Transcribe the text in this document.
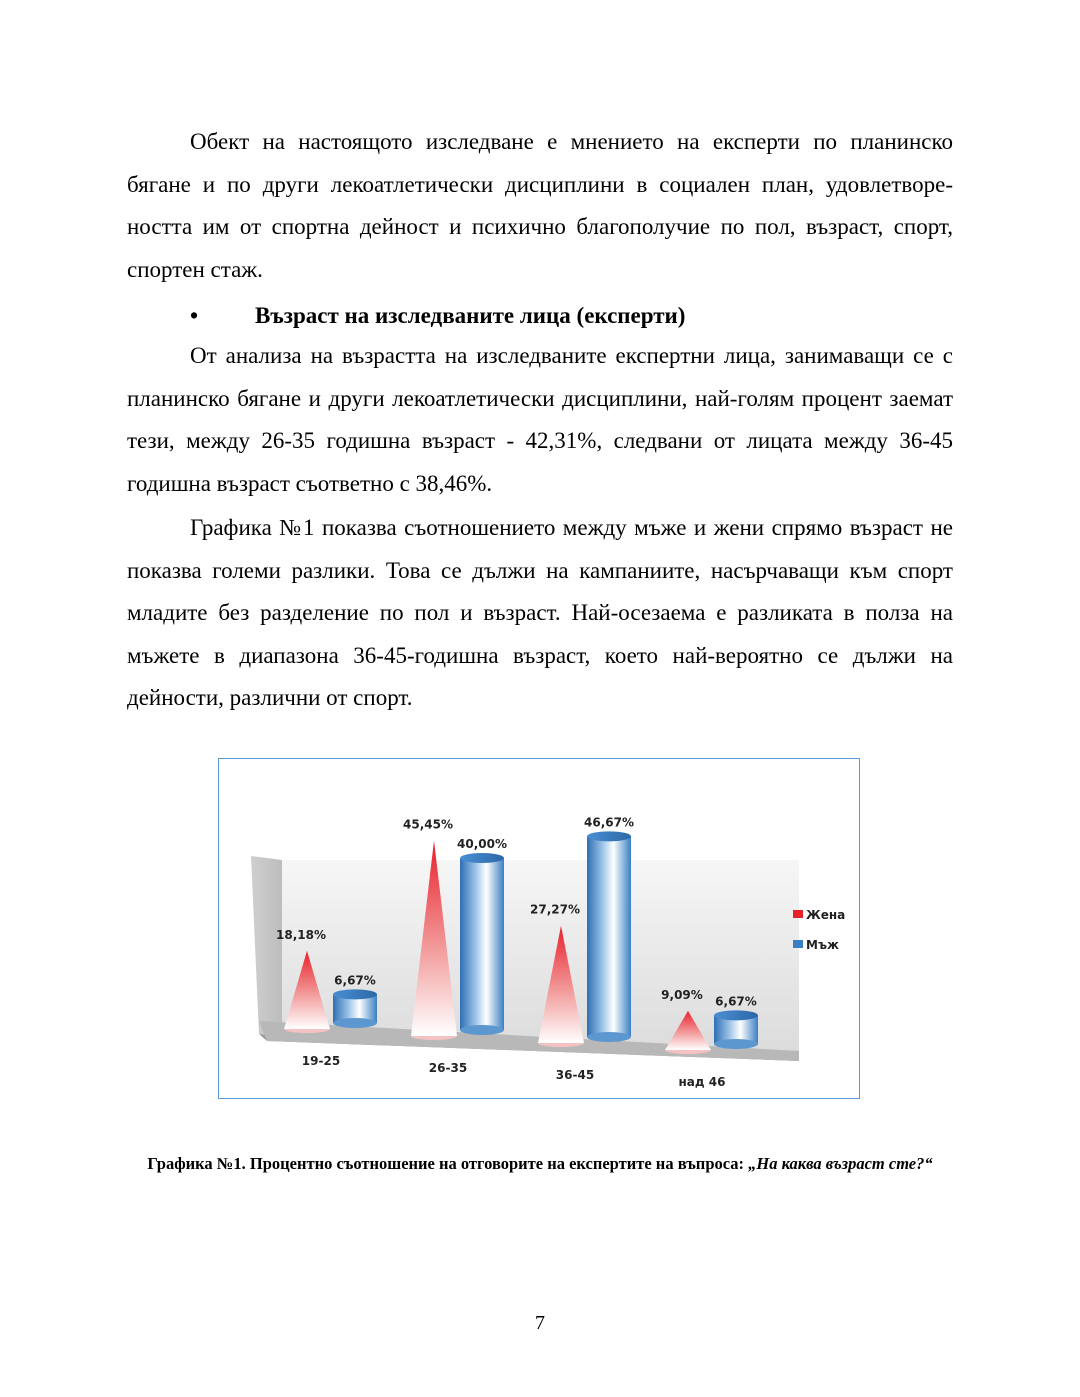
Обект на настоящото изследване е мнението на експерти по планинско бягане и по други лекоатлетически дисциплини в социален план, удовлетворе-ността им от спортна дейност и психично благополучие по пол, възраст, спорт, спортен стаж.

• Възраст на изследваните лица (експерти)

От анализа на възрастта на изследваните експертни лица, занимаващи се с планинско бягане и други лекоатлетически дисциплини, най-голям процент заемат тези, между 26-35 годишна възраст - 42,31%, следвани от лицата между 36-45 годишна възраст съответно с 38,46%.

Графика №1 показва съотношението между мъже и жени спрямо възраст не показва големи разлики. Това се дължи на кампаниите, насърчаващи към спорт младите без разделение по пол и възраст. Най-осезаема е разликата в полза на мъжете в диапазона 36-45-годишна възраст, което най-вероятно се дължи на дейности, различни от спорт.

18,18%
6,67%
19-25
45,45%
40,00%
26-35
27,27%
46,67%
36-45
9,09% 6,67%
над 46
Жена
Мъж
Графика №1. Процентно съотношение на отговорите на експертите на въпроса: „На каква възраст сте?“
7
